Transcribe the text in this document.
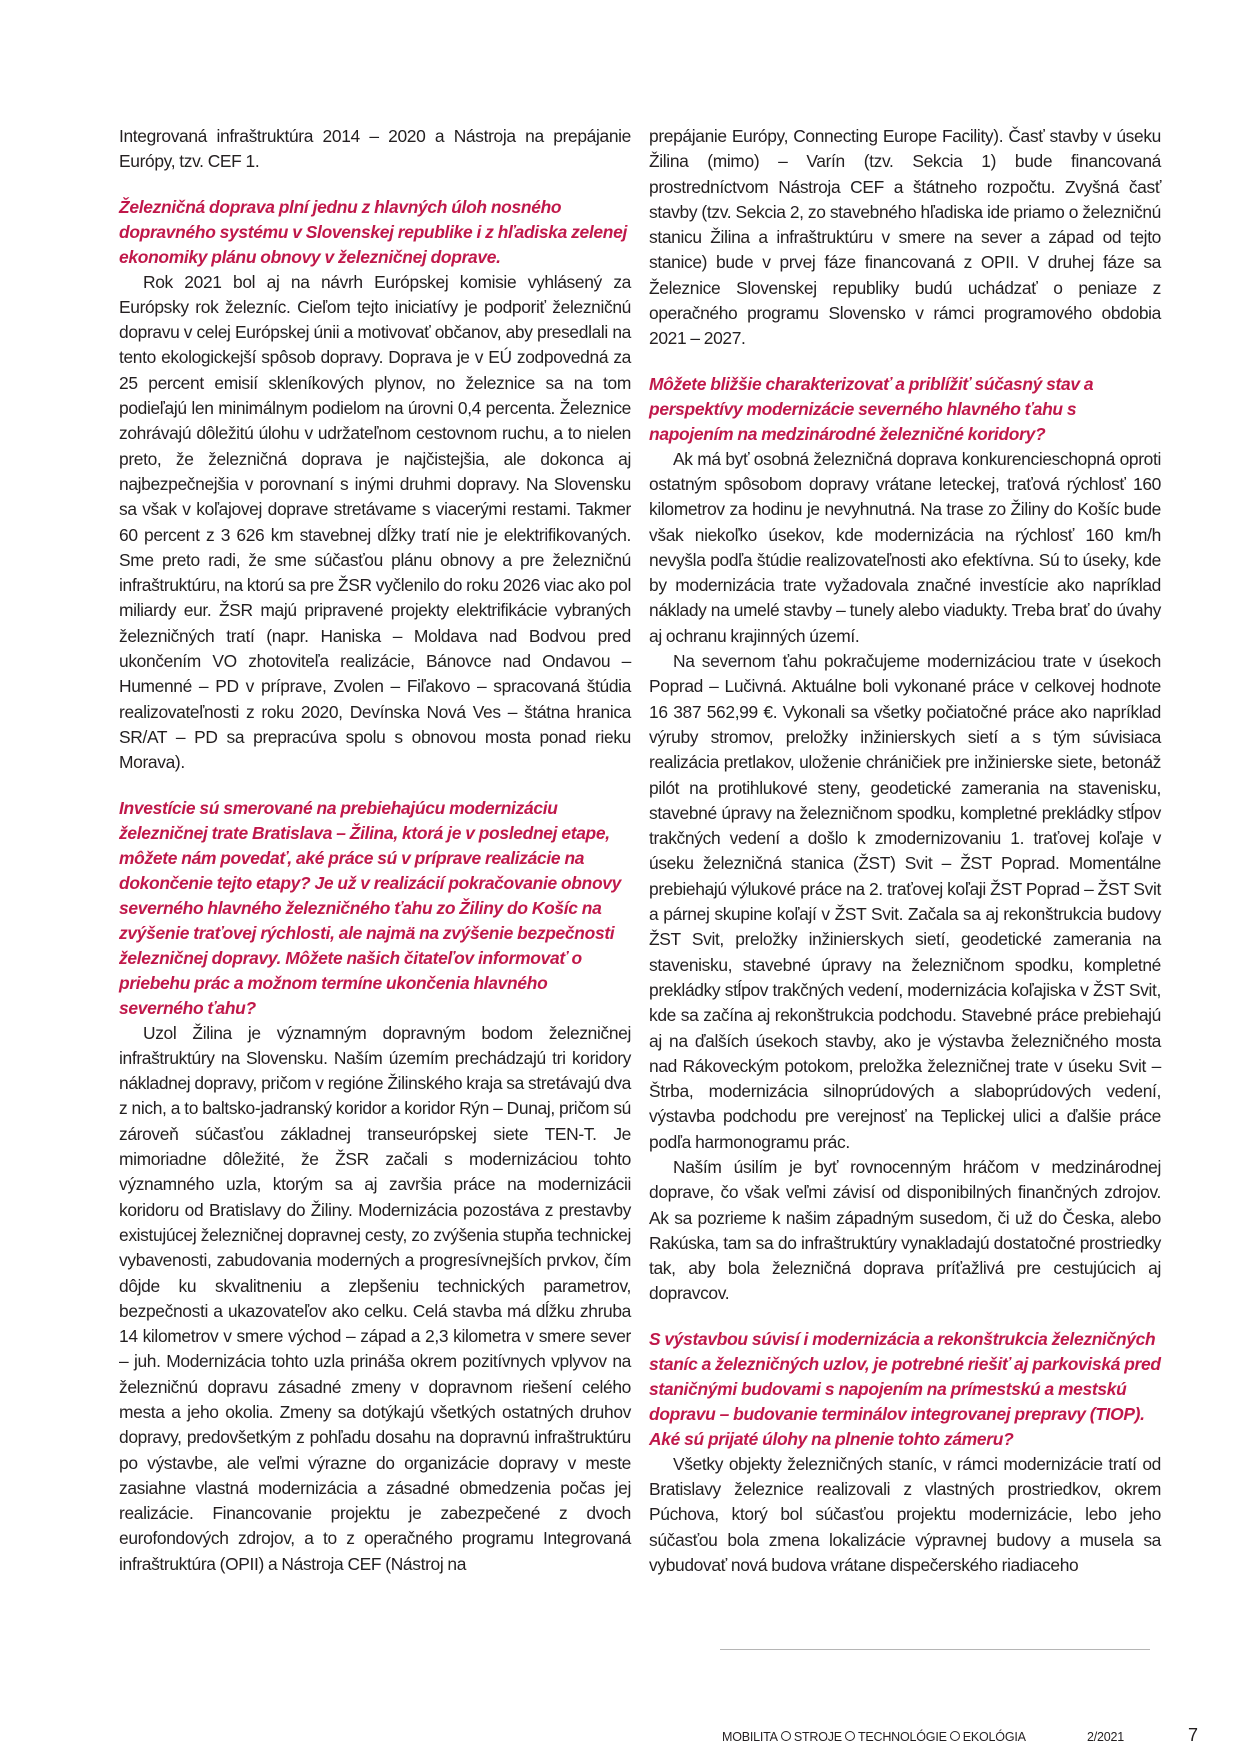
Integrovaná infraštruktúra 2014 – 2020 a Nástroja na prepájanie Európy, tzv. CEF 1.

Železničná doprava plní jednu z hlavných úloh nosného dopravného systému v Slovenskej republike i z hľadiska zelenej ekonomiky plánu obnovy v železničnej doprave.

Rok 2021 bol aj na návrh Európskej komisie vyhlásený za Európsky rok železníc. Cieľom tejto iniciatívy je podporiť železničnú dopravu v celej Európskej únii a motivovať občanov, aby presedlali na tento ekologickejší spôsob dopravy. Doprava je v EÚ zodpovedná za 25 percent emisií skleníkových plynov, no železnice sa na tom podieľajú len minimálnym podielom na úrovni 0,4 percenta. Železnice zohrávajú dôležitú úlohu v udržateľnom cestovnom ruchu, a to nielen preto, že železničná doprava je najčistejšia, ale dokonca aj najbezpečnejšia v porovnaní s inými druhmi dopravy. Na Slovensku sa však v koľajovej doprave stretávame s viacerými restami. Takmer 60 percent z 3 626 km stavebnej dĺžky tratí nie je elektrifikovaných. Sme preto radi, že sme súčasťou plánu obnovy a pre železničnú infraštruktúru, na ktorú sa pre ŽSR vyčlenilo do roku 2026 viac ako pol miliardy eur. ŽSR majú pripravené projekty elektrifikácie vybraných železničných tratí (napr. Haniska – Moldava nad Bodvou pred ukončením VO zhotoviteľa realizácie, Bánovce nad Ondavou – Humenné – PD v príprave, Zvolen – Fiľakovo – spracovaná štúdia realizovateľnosti z roku 2020, Devínska Nová Ves – štátna hranica SR/AT – PD sa prepracúva spolu s obnovou mosta ponad rieku Morava).

Investície sú smerované na prebiehajúcu modernizáciu železničnej trate Bratislava – Žilina, ktorá je v poslednej etape, môžete nám povedať, aké práce sú v príprave realizácie na dokončenie tejto etapy? Je už v realizácií pokračovanie obnovy severného hlavného železničného ťahu zo Žiliny do Košíc na zvýšenie traťovej rýchlosti, ale najmä na zvýšenie bezpečnosti železničnej dopravy. Môžete našich čitateľov informovať o priebehu prác a možnom termíne ukončenia hlavného severného ťahu?

Uzol Žilina je významným dopravným bodom železničnej infraštruktúry na Slovensku. Naším územím prechádzajú tri koridory nákladnej dopravy, pričom v regióne Žilinského kraja sa stretávajú dva z nich, a to baltsko-jadranský koridor a koridor Rýn – Dunaj, pričom sú zároveň súčasťou základnej transeurópskej siete TEN-T. Je mimoriadne dôležité, že ŽSR začali s modernizáciou tohto významného uzla, ktorým sa aj završia práce na modernizácii koridoru od Bratislavy do Žiliny. Modernizácia pozostáva z prestavby existujúcej železničnej dopravnej cesty, zo zvýšenia stupňa technickej vybavenosti, zabudovania moderných a progresívnejších prvkov, čím dôjde ku skvalitneniu a zlepšeniu technických parametrov, bezpečnosti a ukazovateľov ako celku. Celá stavba má dĺžku zhruba 14 kilometrov v smere východ – západ a 2,3 kilometra v smere sever – juh. Modernizácia tohto uzla prináša okrem pozitívnych vplyvov na železničnú dopravu zásadné zmeny v dopravnom riešení celého mesta a jeho okolia. Zmeny sa dotýkajú všetkých ostatných druhov dopravy, predovšetkým z pohľadu dosahu na dopravnú infraštruktúru po výstavbe, ale veľmi výrazne do organizácie dopravy v meste zasiahne vlastná modernizácia a zásadné obmedzenia počas jej realizácie. Financovanie projektu je zabezpečené z dvoch eurofondových zdrojov, a to z operačného programu Integrovaná infraštruktúra (OPII) a Nástroja CEF (Nástroj na

prepájanie Európy, Connecting Europe Facility). Časť stavby v úseku Žilina (mimo) – Varín (tzv. Sekcia 1) bude financovaná prostredníctvom Nástroja CEF a štátneho rozpočtu. Zvyšná časť stavby (tzv. Sekcia 2, zo stavebného hľadiska ide priamo o železničnú stanicu Žilina a infraštruktúru v smere na sever a západ od tejto stanice) bude v prvej fáze financovaná z OPII. V druhej fáze sa Železnice Slovenskej republiky budú uchádzať o peniaze z operačného programu Slovensko v rámci programového obdobia 2021 – 2027.

Môžete bližšie charakterizovať a priblížiť súčasný stav a perspektívy modernizácie severného hlavného ťahu s napojením na medzinárodné železničné koridory?

Ak má byť osobná železničná doprava konkurencieschopná oproti ostatným spôsobom dopravy vrátane leteckej, traťová rýchlosť 160 kilometrov za hodinu je nevyhnutná. Na trase zo Žiliny do Košíc bude však niekoľko úsekov, kde modernizácia na rýchlosť 160 km/h nevyšla podľa štúdie realizovateľnosti ako efektívna. Sú to úseky, kde by modernizácia trate vyžadovala značné investície ako napríklad náklady na umelé stavby – tunely alebo viadukty. Treba brať do úvahy aj ochranu krajinných území.

Na severnom ťahu pokračujeme modernizáciou trate v úsekoch Poprad – Lučivná. Aktuálne boli vykonané práce v celkovej hodnote 16 387 562,99 €. Vykonali sa všetky počiatočné práce ako napríklad výruby stromov, preložky inžinierskych sietí a s tým súvisiaca realizácia pretlakov, uloženie chráničiek pre inžinierske siete, betonáž pilót na protihlukové steny, geodetické zamerania na stavenisku, stavebné úpravy na železničnom spodku, kompletné prekládky stĺpov trakčných vedení a došlo k zmodernizovaniu 1. traťovej koľaje v úseku železničná stanica (ŽST) Svit – ŽST Poprad. Momentálne prebiehajú výlukové práce na 2. traťovej koľaji ŽST Poprad – ŽST Svit a párnej skupine koľají v ŽST Svit. Začala sa aj rekonštrukcia budovy ŽST Svit, preložky inžinierskych sietí, geodetické zamerania na stavenisku, stavebné úpravy na železničnom spodku, kompletné prekládky stĺpov trakčných vedení, modernizácia koľajiska v ŽST Svit, kde sa začína aj rekonštrukcia podchodu. Stavebné práce prebiehajú aj na ďalších úsekoch stavby, ako je výstavba železničného mosta nad Rákoveckým potokom, preložka železničnej trate v úseku Svit – Štrba, modernizácia silnoprúdových a slaboprúdových vedení, výstavba podchodu pre verejnosť na Teplickej ulici a ďalšie práce podľa harmonogramu prác.

Naším úsilím je byť rovnocenným hráčom v medzinárodnej doprave, čo však veľmi závisí od disponibilných finančných zdrojov. Ak sa pozrieme k našim západným susedom, či už do Česka, alebo Rakúska, tam sa do infraštruktúry vynakladajú dostatočné prostriedky tak, aby bola železničná doprava príťažlivá pre cestujúcich aj dopravcov.

S výstavbou súvisí i modernizácia a rekonštrukcia železničných staníc a železničných uzlov, je potrebné riešiť aj parkoviská pred staničnými budovami s napojením na prímestskú a mestskú dopravu – budovanie terminálov integrovanej prepravy (TIOP). Aké sú prijaté úlohy na plnenie tohto zámeru?

Všetky objekty železničných staníc, v rámci modernizácie tratí od Bratislavy železnice realizovali z vlastných prostriedkov, okrem Púchova, ktorý bol súčasťou projektu modernizácie, lebo jeho súčasťou bola zmena lokalizácie výpravnej budovy a musela sa vybudovať nová budova vrátane dispečerského riadiaceho

MOBILITA STROJE TECHNOLÓGIE EKOLÓGIA	2/2021	7
